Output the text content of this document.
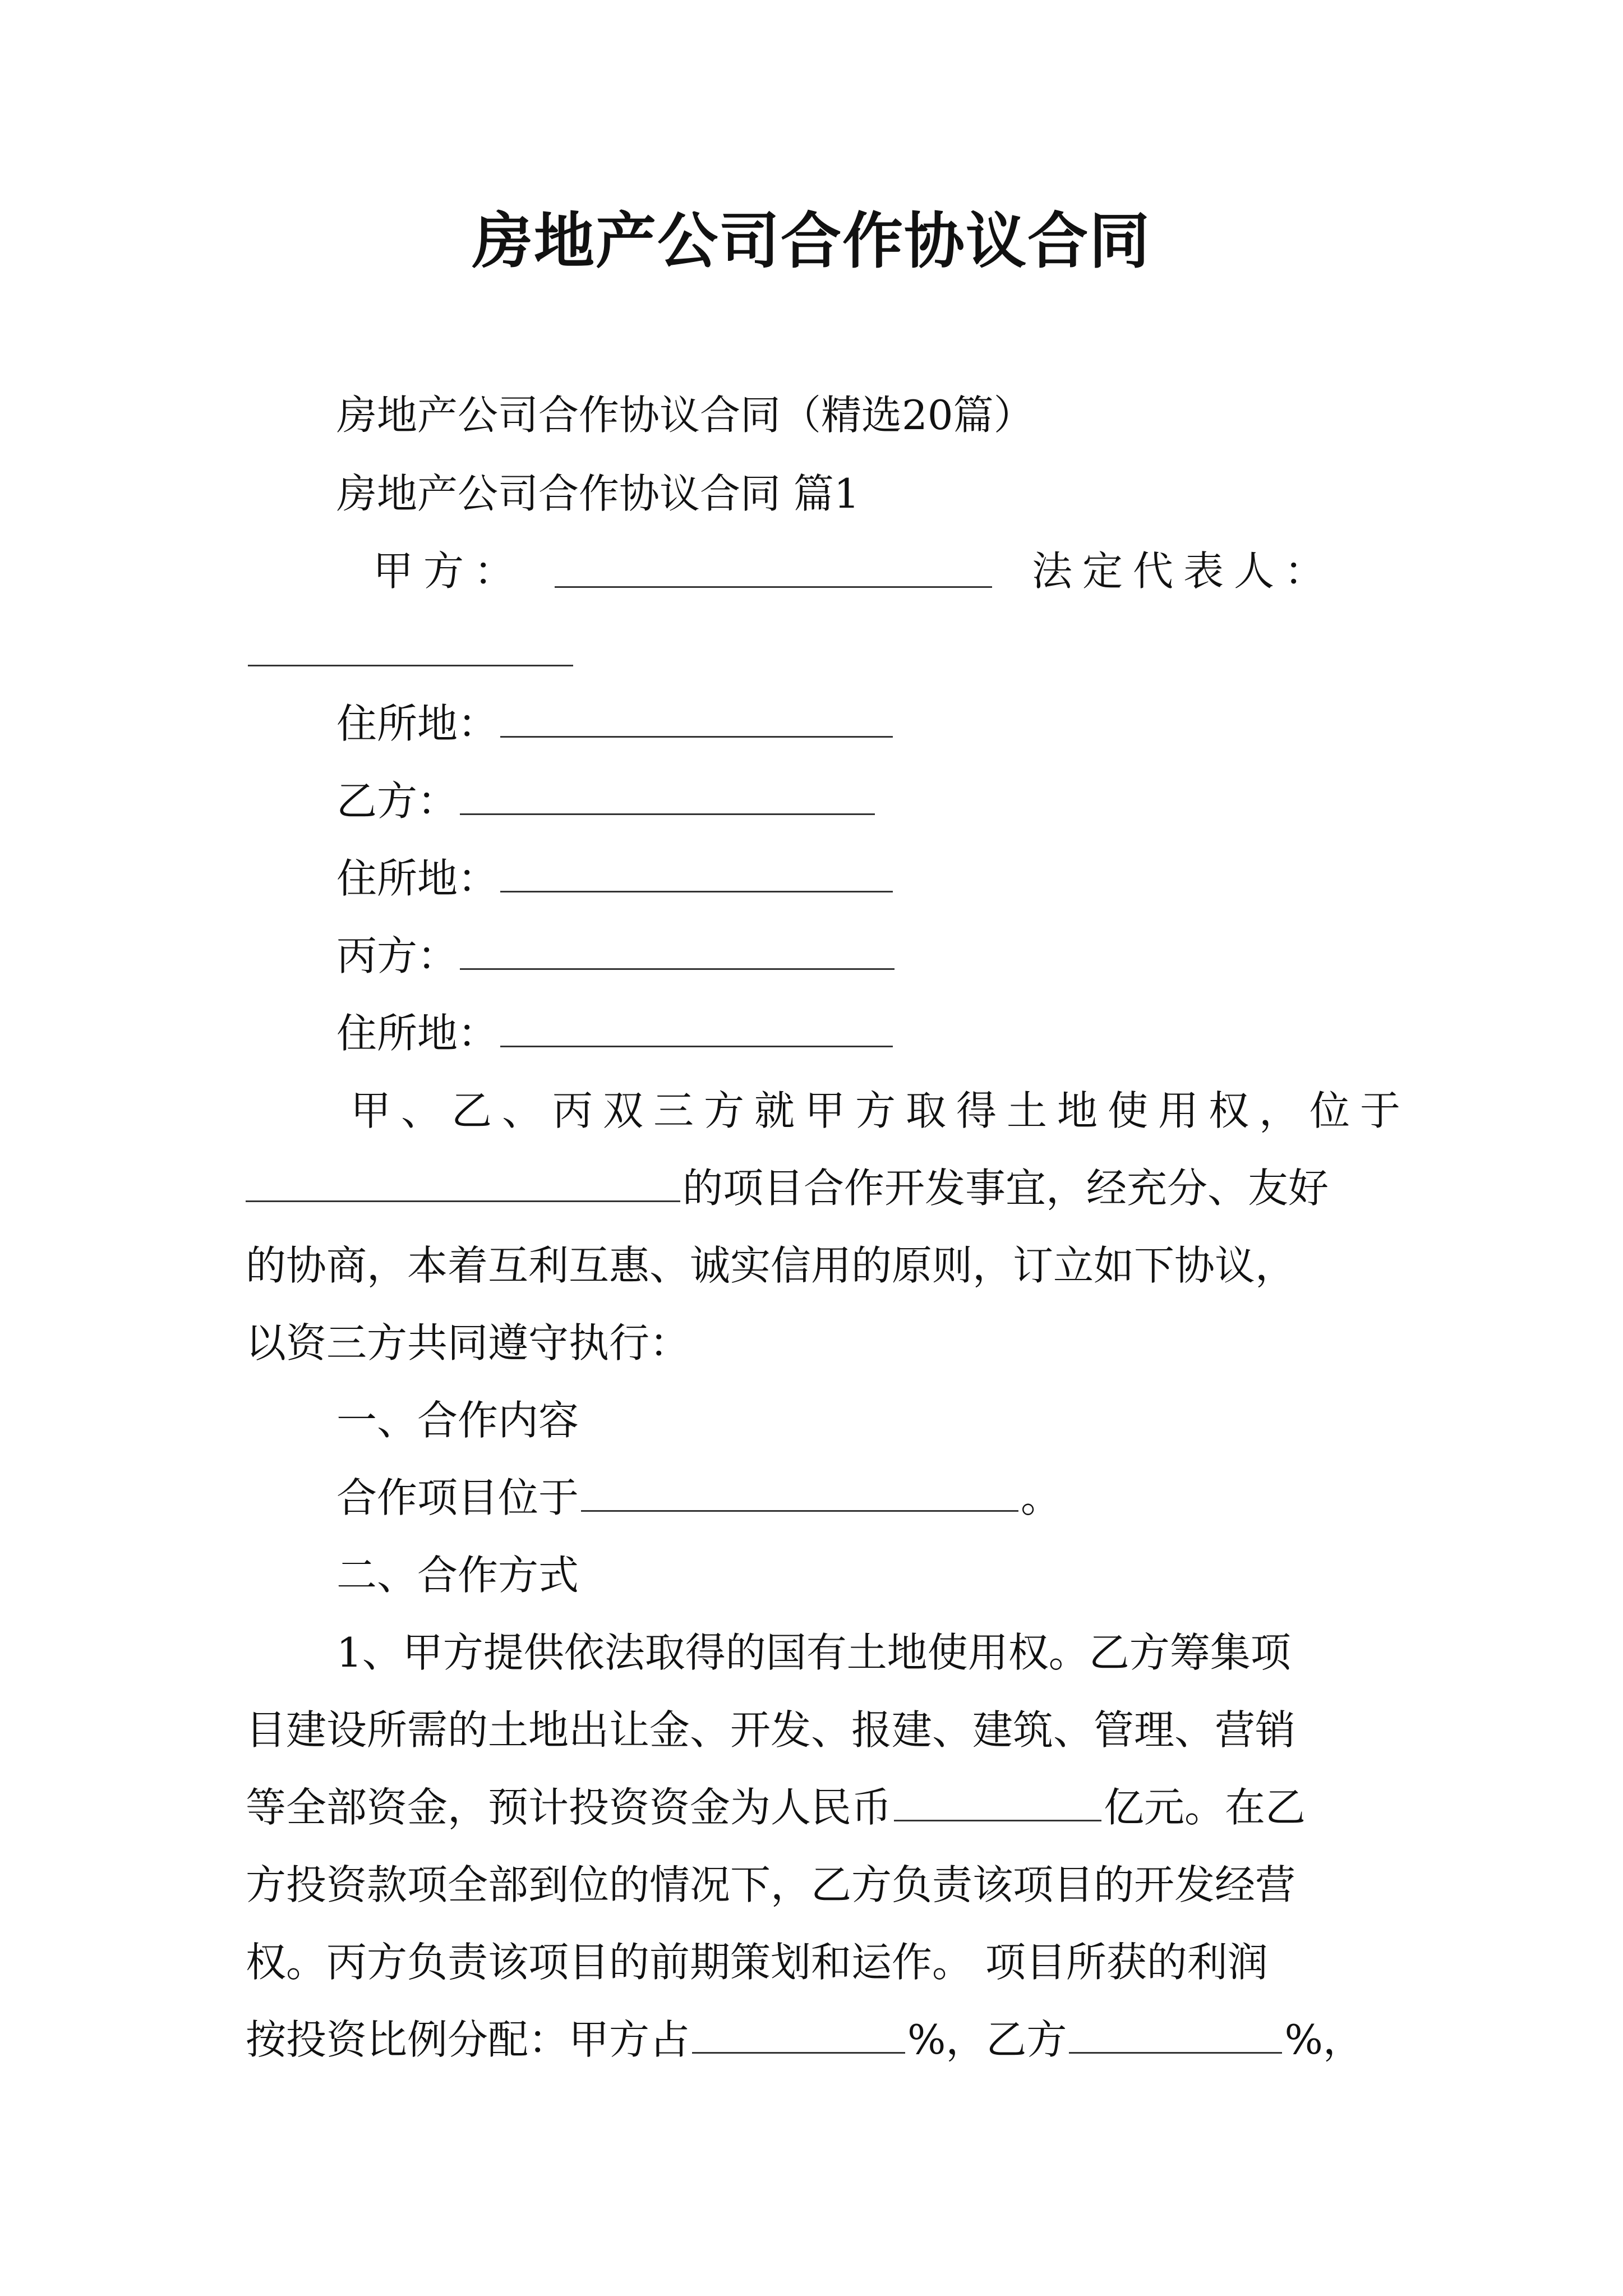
房地产公司合作协议合同
房地产公司合作协议合同（精选20篇）
房地产公司合作协议合同 篇1
甲方：	法定代表人：
住所地：
乙方：
住所地：
丙方：
住所地：
甲、乙、丙双三方就甲方取得土地使用权，位于
的项目合作开发事宜，经充分、友好
的协商，本着互利互惠、诚实信用的原则，订立如下协议，
以资三方共同遵守执行：
一、合作内容
合作项目位于	。
二、合作方式
1、甲方提供依法取得的国有土地使用权。乙方筹集项
目建设所需的土地出让金、开发、报建、建筑、管理、营销
等全部资金，预计投资资金为人民币	亿元。在乙
方投资款项全部到位的情况下，乙方负责该项目的开发经营
权。丙方负责该项目的前期策划和运作。 项目所获的利润
按投资比例分配：甲方占	%，乙方	%，
